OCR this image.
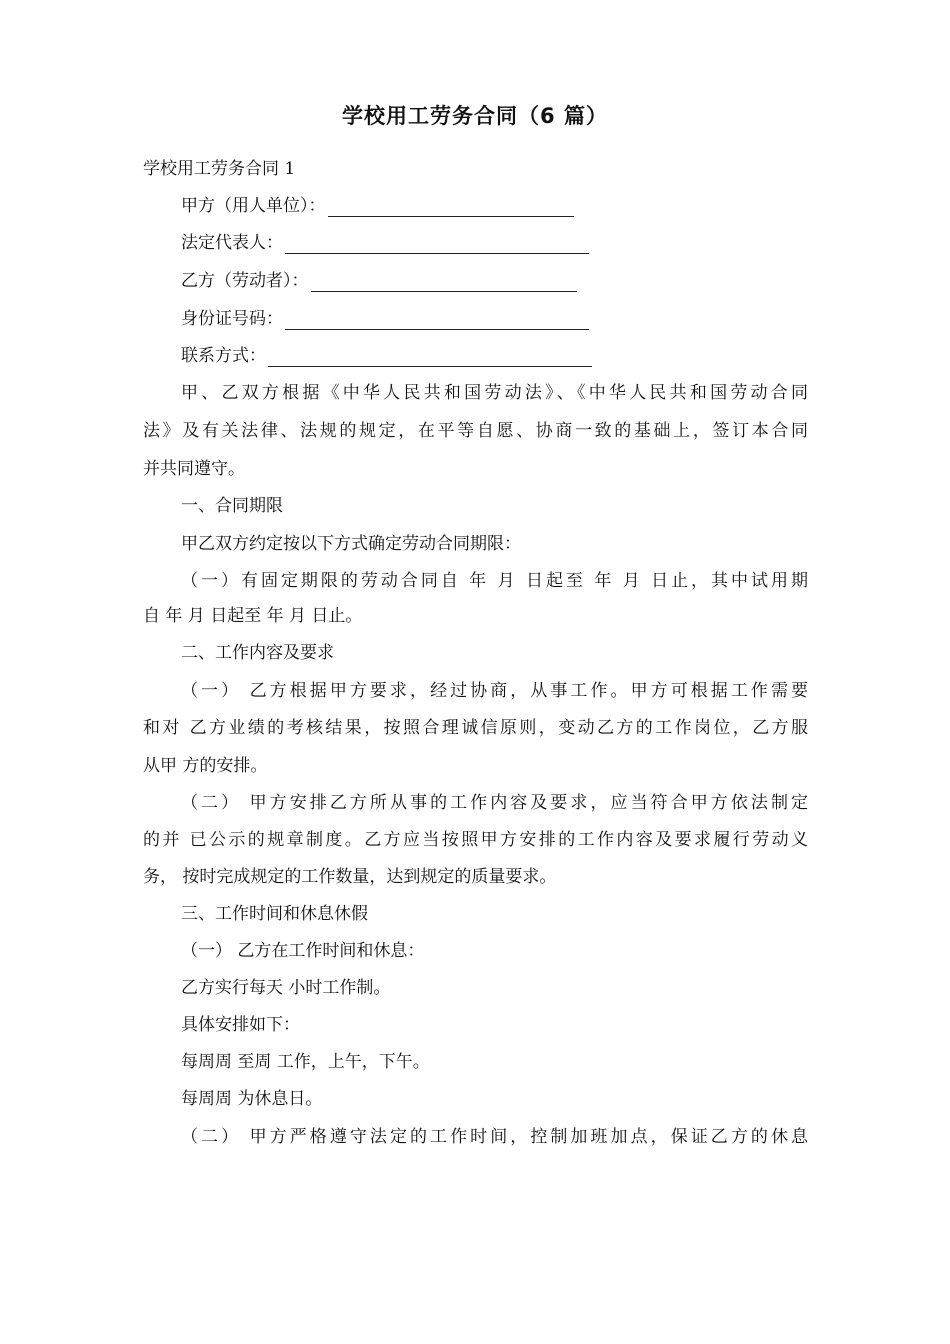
学校用工劳务合同（6 篇）
学校用工劳务合同 1
甲方（用人单位）：
法定代表人：
乙方（劳动者）：
身份证号码：
联系方式：
甲、乙双方根据《中华人民共和国劳动法》、《中华人民共和国劳动合同
法》及有关法律、法规的规定，在平等自愿、协商一致的基础上，签订本合同
并共同遵守。
一、合同期限
甲乙双方约定按以下方式确定劳动合同期限：
（一）有固定期限的劳动合同自 年 月 日起至 年 月 日止，其中试用期
自 年 月 日起至 年 月 日止。
二、工作内容及要求
（一） 乙方根据甲方要求，经过协商，从事工作。甲方可根据工作需要
和对 乙方业绩的考核结果，按照合理诚信原则，变动乙方的工作岗位，乙方服
从甲 方的安排。
（二） 甲方安排乙方所从事的工作内容及要求，应当符合甲方依法制定
的并 已公示的规章制度。乙方应当按照甲方安排的工作内容及要求履行劳动义
务， 按时完成规定的工作数量，达到规定的质量要求。
三、工作时间和休息休假
（一） 乙方在工作时间和休息：
乙方实行每天 小时工作制。
具体安排如下：
每周周 至周 工作，上午，下午。
每周周 为休息日。
（二） 甲方严格遵守法定的工作时间，控制加班加点，保证乙方的休息
